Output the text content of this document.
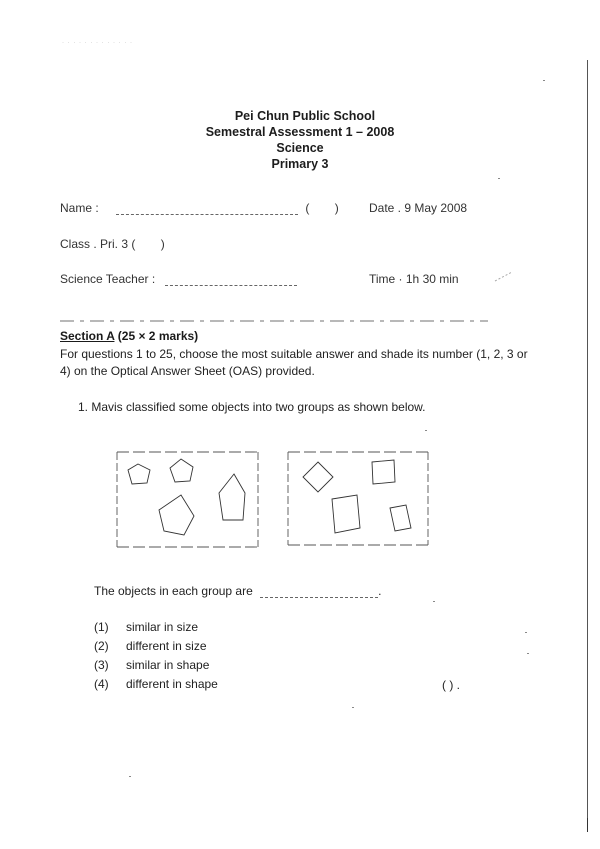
· · · · · · · · · · · · ·
Pei Chun Public School
Semestral Assessment 1 – 2008
Science
Primary 3
Name :	( )	Date . 9 May 2008
Class . Pri. 3 ( )
Science Teacher :	Time · 1h 30 min
Section A (25 × 2 marks)
For questions 1 to 25, choose the most suitable answer and shade its number (1, 2, 3 or 4) on the Optical Answer Sheet (OAS) provided.
1. Mavis classified some objects into two groups as shown below.
The objects in each group are	.
(1) similar in size
(2) different in size
(3) similar in shape
(4) different in shape	( ) .
